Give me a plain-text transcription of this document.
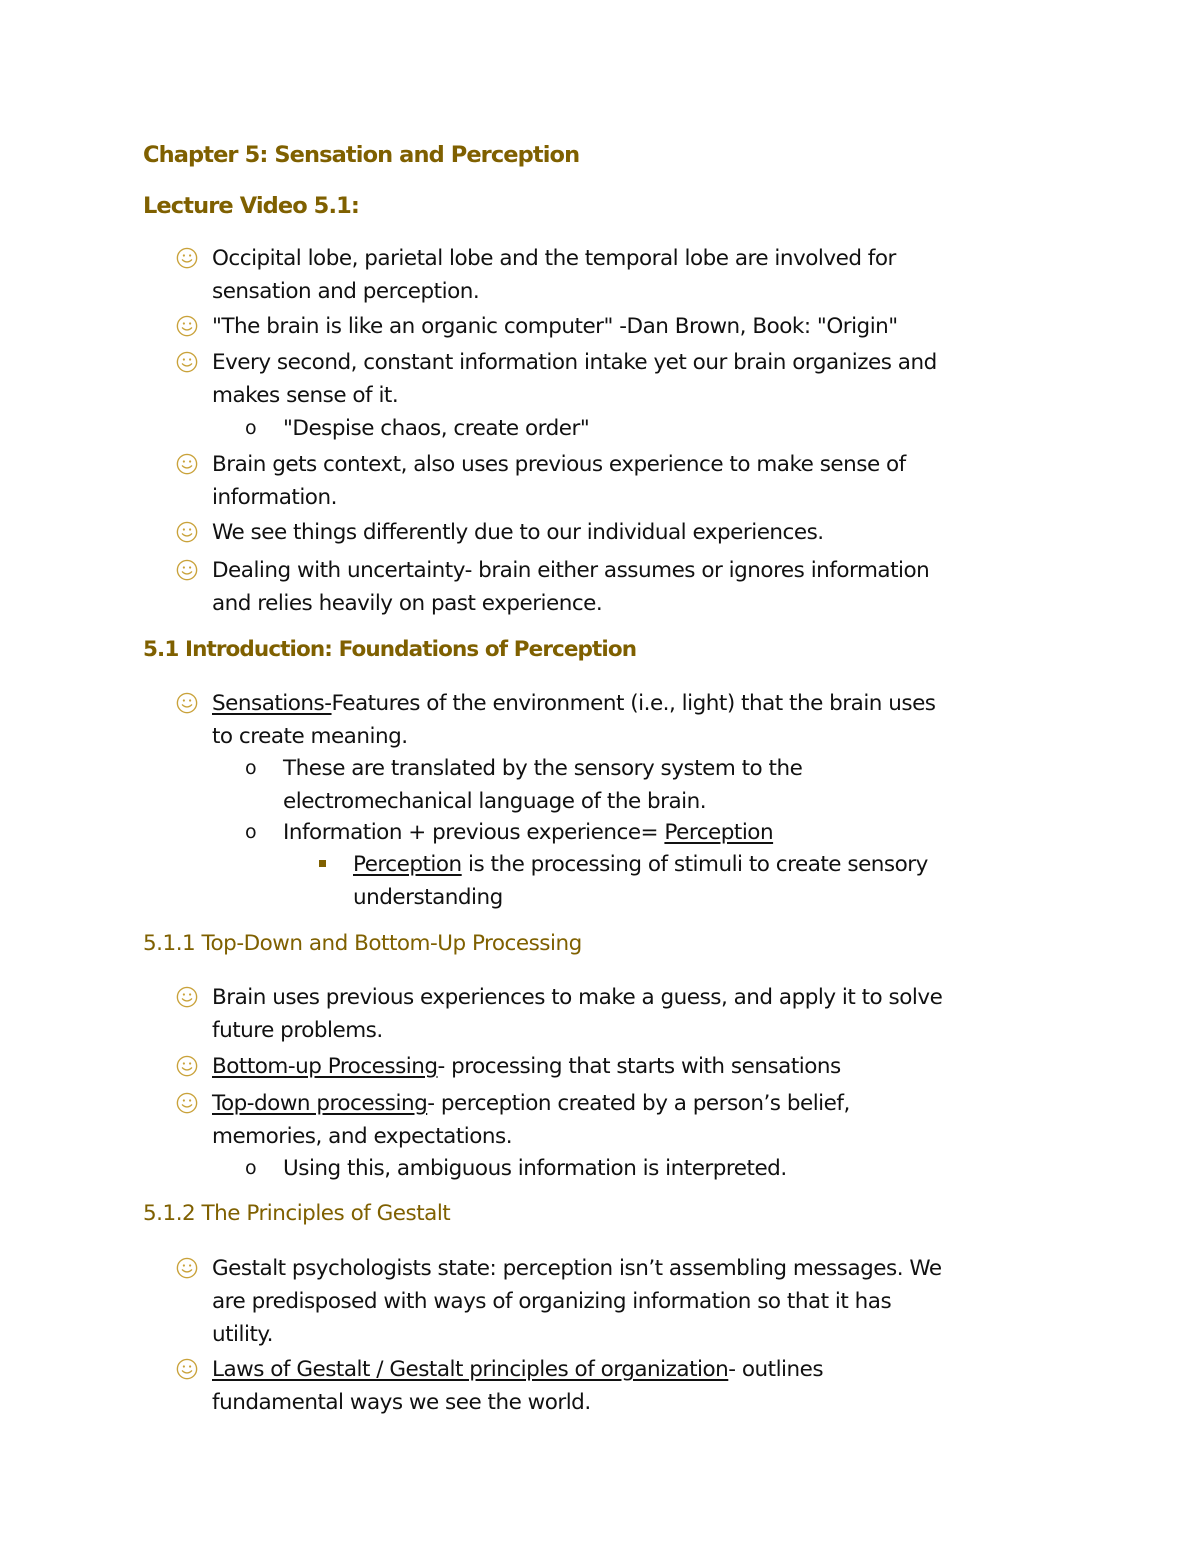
Chapter 5: Sensation and Perception
Lecture Video 5.1:
Occipital lobe, parietal lobe and the temporal lobe are involved for
sensation and perception.
"The brain is like an organic computer" -Dan Brown, Book: "Origin"
Every second, constant information intake yet our brain organizes and
makes sense of it.
o "Despise chaos, create order"
Brain gets context, also uses previous experience to make sense of
information.
We see things differently due to our individual experiences.
Dealing with uncertainty- brain either assumes or ignores information
and relies heavily on past experience.
5.1 Introduction: Foundations of Perception
Sensations-Features of the environment (i.e., light) that the brain uses
to create meaning.
o These are translated by the sensory system to the
electromechanical language of the brain.
o Information + previous experience= Perception
Perception is the processing of stimuli to create sensory
understanding
5.1.1 Top-Down and Bottom-Up Processing
Brain uses previous experiences to make a guess, and apply it to solve
future problems.
Bottom-up Processing- processing that starts with sensations
Top-down processing- perception created by a person’s belief,
memories, and expectations.
o Using this, ambiguous information is interpreted.
5.1.2 The Principles of Gestalt
Gestalt psychologists state: perception isn’t assembling messages. We
are predisposed with ways of organizing information so that it has
utility.
Laws of Gestalt / Gestalt principles of organization- outlines
fundamental ways we see the world.
